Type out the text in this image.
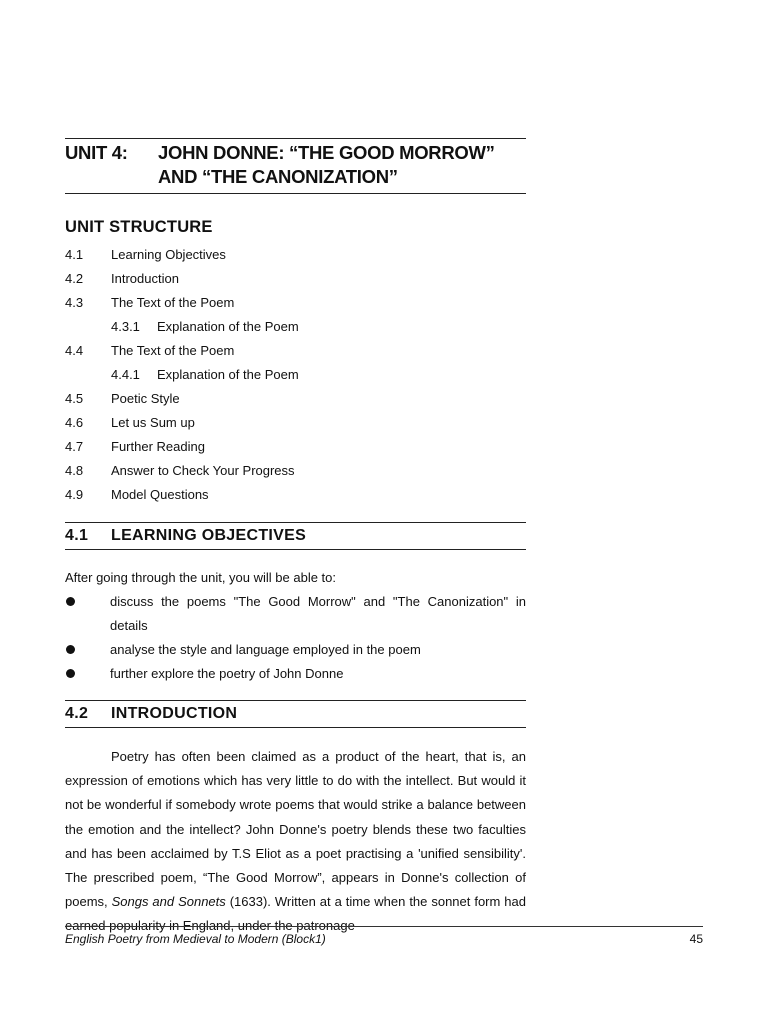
UNIT 4:	JOHN DONNE: “THE GOOD MORROW”
AND “THE CANONIZATION”
UNIT STRUCTURE
4.1	Learning Objectives
4.2	Introduction
4.3	The Text of the Poem
4.3.1	Explanation of the Poem
4.4	The Text of the Poem
4.4.1	Explanation of the Poem
4.5	Poetic Style
4.6	Let us Sum up
4.7	Further Reading
4.8	Answer to Check Your Progress
4.9	Model Questions
4.1	LEARNING OBJECTIVES
After going through the unit, you will be able to:
discuss the poems "The Good Morrow" and "The Canonization" in details
analyse the style and language employed in the poem
further explore the poetry of John Donne
4.2	INTRODUCTION
Poetry has often been claimed as a product of the heart, that is, an expression of emotions which has very little to do with the intellect. But would it not be wonderful if somebody wrote poems that would strike a balance between the emotion and the intellect? John Donne's poetry blends these two faculties and has been acclaimed by T.S Eliot as a poet practising a 'unified sensibility'. The prescribed poem, “The Good Morrow”, appears in Donne's collection of poems, Songs and Sonnets (1633). Written at a time when the sonnet form had earned popularity in England, under the patronage
English Poetry from Medieval to Modern (Block1)	45
